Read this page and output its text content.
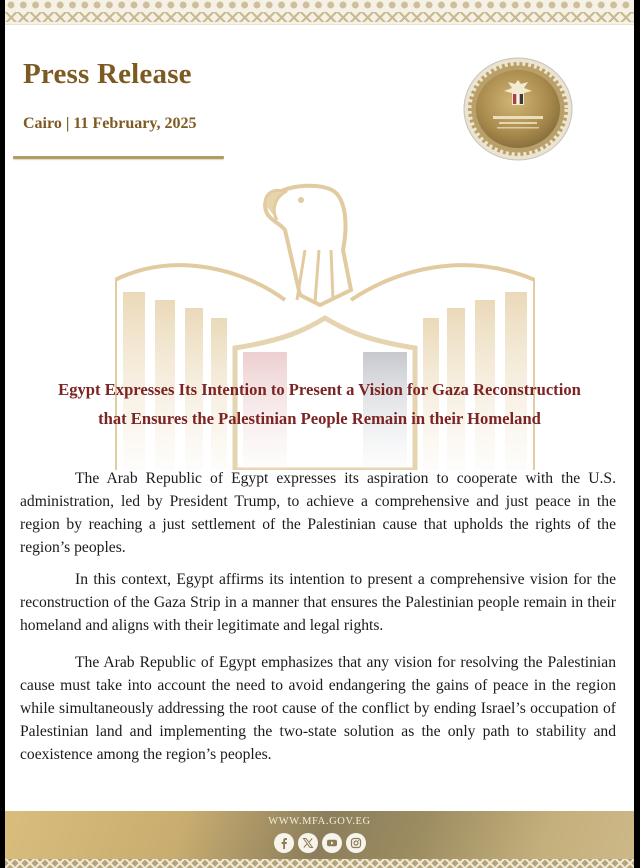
Press Release
Cairo | 11 February, 2025
Egypt Expresses Its Intention to Present a Vision for Gaza Reconstruction
that Ensures the Palestinian People Remain in their Homeland

The Arab Republic of Egypt expresses its aspiration to cooperate with the U.S. administration, led by President Trump, to achieve a comprehensive and just peace in the region by reaching a just settlement of the Palestinian cause that upholds the rights of the region’s peoples.

In this context, Egypt affirms its intention to present a comprehensive vision for the reconstruction of the Gaza Strip in a manner that ensures the Palestinian people remain in their homeland and aligns with their legitimate and legal rights.

The Arab Republic of Egypt emphasizes that any vision for resolving the Palestinian cause must take into account the need to avoid endangering the gains of peace in the region while simultaneously addressing the root cause of the conflict by ending Israel’s occupation of Palestinian land and implementing the two-state solution as the only path to stability and coexistence among the region’s peoples.

WWW.MFA.GOV.EG
